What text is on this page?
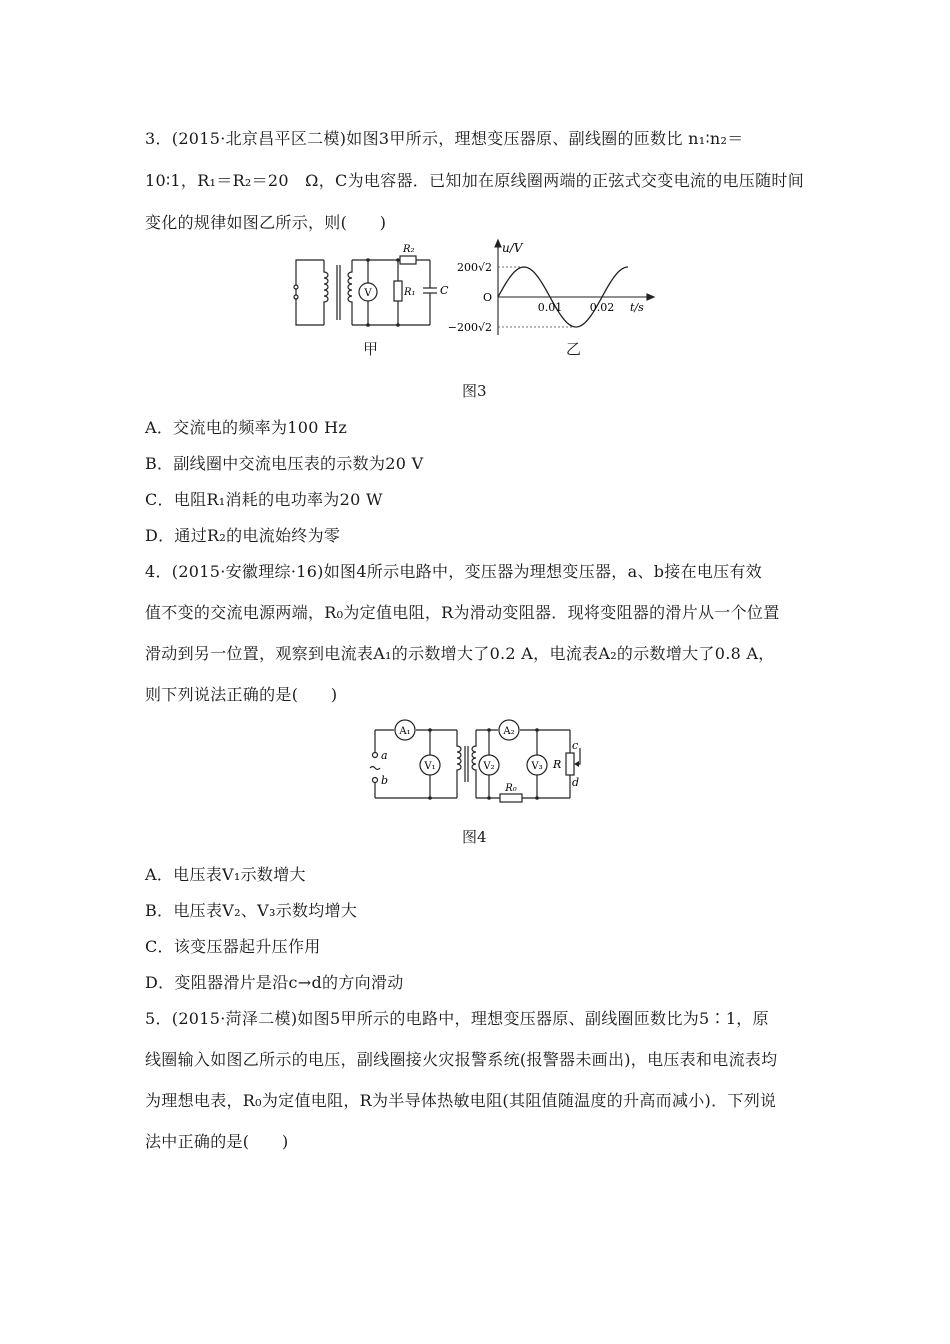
3．(2015·北京昌平区二模)如图3甲所示，理想变压器原、副线圈的匝数比 n₁∶n₂＝
10∶1，R₁＝R₂＝20　Ω，C为电容器．已知加在原线圈两端的正弦式交变电流的电压随时间
变化的规律如图乙所示，则(　　)
V
R₂
R₁ C
甲
u/V
t/s
200√2
O
−200√2
0.01	0.02
乙
图3
A．交流电的频率为100 Hz
B．副线圈中交流电压表的示数为20 V
C．电阻R₁消耗的电功率为20 W
D．通过R₂的电流始终为零
4．(2015·安徽理综·16)如图4所示电路中，变压器为理想变压器，a、b接在电压有效
值不变的交流电源两端，R₀为定值电阻，R为滑动变阻器．现将变阻器的滑片从一个位置
滑动到另一位置，观察到电流表A₁的示数增大了0.2 A，电流表A₂的示数增大了0.8 A，
则下列说法正确的是(　　)
a
b
A₁	A₂
V₁	V₂	V₃
R₀
R
c
d
图4
A．电压表V₁示数增大
B．电压表V₂、V₃示数均增大
C．该变压器起升压作用
D．变阻器滑片是沿c→d的方向滑动
5．(2015·菏泽二模)如图5甲所示的电路中，理想变压器原、副线圈匝数比为5∶1，原
线圈输入如图乙所示的电压，副线圈接火灾报警系统(报警器未画出)，电压表和电流表均
为理想电表，R₀为定值电阻，R为半导体热敏电阻(其阻值随温度的升高而减小)．下列说
法中正确的是(　　)
